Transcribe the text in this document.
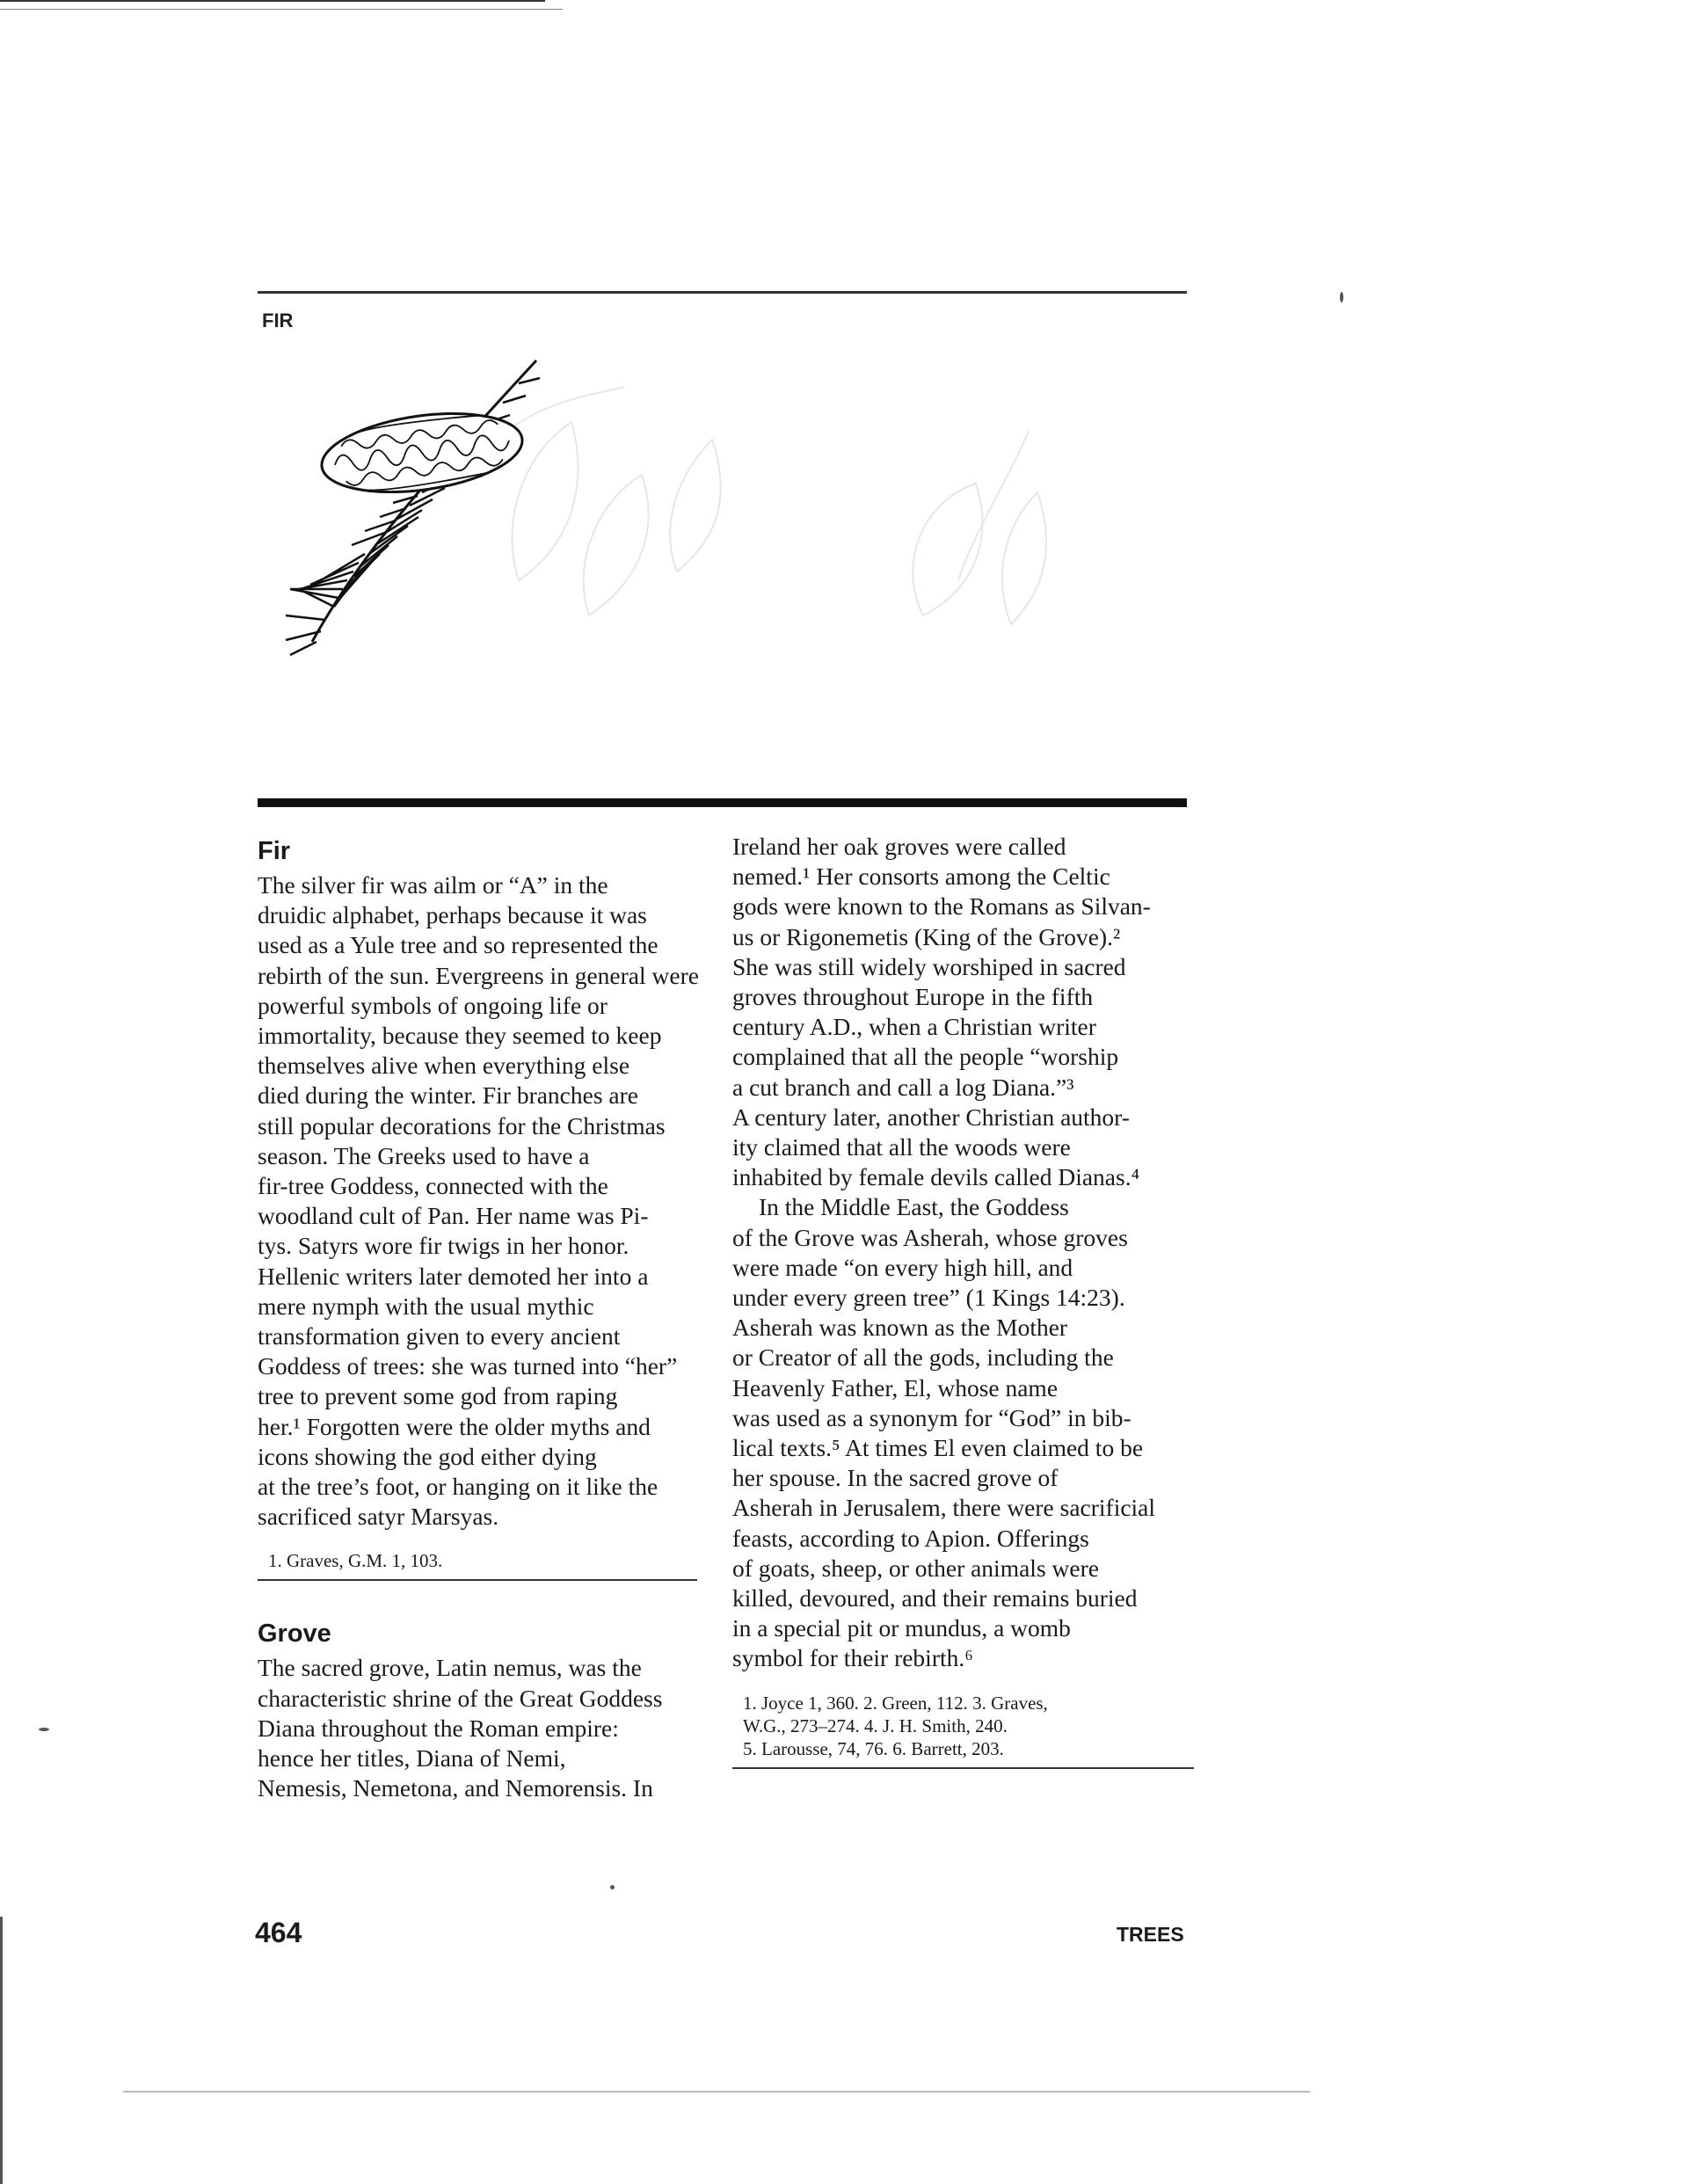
FIR
Fir

The silver fir was ailm or “A” in the
druidic alphabet, perhaps because it was
used as a Yule tree and so represented the
rebirth of the sun. Evergreens in general were
powerful symbols of ongoing life or
immortality, because they seemed to keep
themselves alive when everything else
died during the winter. Fir branches are
still popular decorations for the Christmas
season. The Greeks used to have a
fir-tree Goddess, connected with the
woodland cult of Pan. Her name was Pi-
tys. Satyrs wore fir twigs in her honor.
Hellenic writers later demoted her into a
mere nymph with the usual mythic
transformation given to every ancient
Goddess of trees: she was turned into “her”
tree to prevent some god from raping
her.¹ Forgotten were the older myths and
icons showing the god either dying
at the tree’s foot, or hanging on it like the
sacrificed satyr Marsyas.

1. Graves, G.M. 1, 103.
Grove

The sacred grove, Latin nemus, was the
characteristic shrine of the Great Goddess
Diana throughout the Roman empire:
hence her titles, Diana of Nemi,
Nemesis, Nemetona, and Nemorensis. In

Ireland her oak groves were called
nemed.¹ Her consorts among the Celtic
gods were known to the Romans as Silvan-
us or Rigonemetis (King of the Grove).²
She was still widely worshiped in sacred
groves throughout Europe in the fifth
century A.D., when a Christian writer
complained that all the people “worship
a cut branch and call a log Diana.”³
A century later, another Christian author-
ity claimed that all the woods were
inhabited by female devils called Dianas.⁴

In the Middle East, the Goddess
of the Grove was Asherah, whose groves
were made “on every high hill, and
under every green tree” (1 Kings 14:23).
Asherah was known as the Mother
or Creator of all the gods, including the
Heavenly Father, El, whose name
was used as a synonym for “God” in bib-
lical texts.⁵ At times El even claimed to be
her spouse. In the sacred grove of
Asherah in Jerusalem, there were sacrificial
feasts, according to Apion. Offerings
of goats, sheep, or other animals were
killed, devoured, and their remains buried
in a special pit or mundus, a womb
symbol for their rebirth.⁶

1. Joyce 1, 360. 2. Green, 112. 3. Graves,
W.G., 273–274. 4. J. H. Smith, 240.
5. Larousse, 74, 76. 6. Barrett, 203.
464	TREES
